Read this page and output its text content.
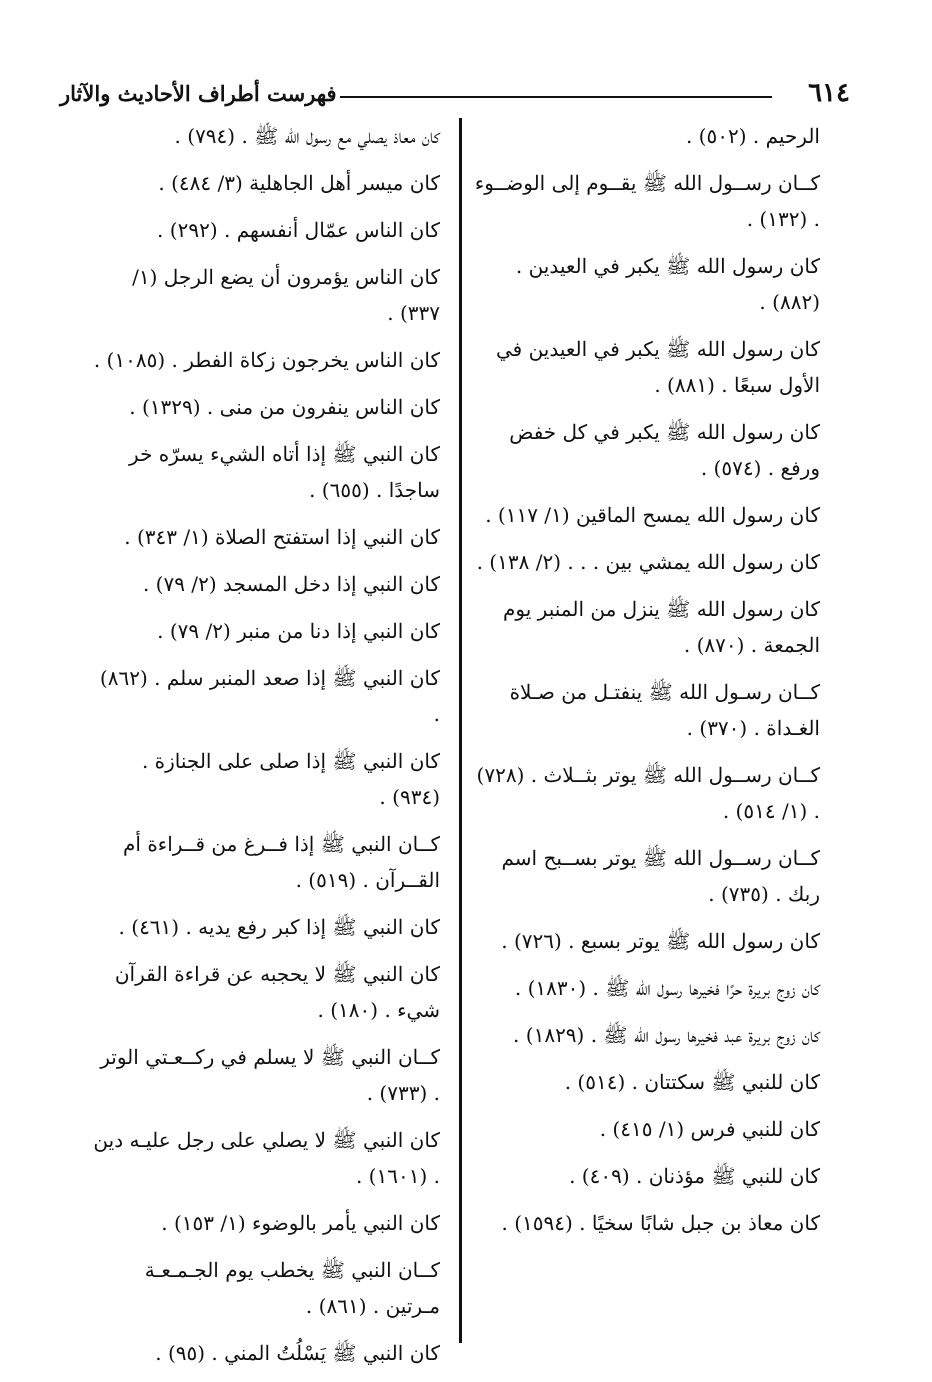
٦١٤
فهرست أطراف الأحاديث والآثار

الرحيم . (٥٠٢) .

كــان رســول الله ﷺ يقــوم إلى الوضــوء . (١٣٢) .

كان رسول الله ﷺ يكبر في العيدين . (٨٨٢) .

كان رسول الله ﷺ يكبر في العيدين في الأول سبعًا . (٨٨١) .

كان رسول الله ﷺ يكبر في كل خفض ورفع . (٥٧٤) .

كان رسول الله يمسح الماقين (١/ ١١٧) .

كان رسول الله يمشي بين . . . (٢/ ١٣٨) .

كان رسول الله ﷺ ينزل من المنبر يوم الجمعة . (٨٧٠) .

كــان رسـول الله ﷺ ينفتـل من صـلاة الغـداة . (٣٧٠) .

كــان رســول الله ﷺ يوتر بثــلاث . (٧٢٨) . (١/ ٥١٤) .

كــان رســول الله ﷺ يوتر بســبح اسم ربك . (٧٣٥) .

كان رسول الله ﷺ يوتر بسبع . (٧٢٦) .

كان زوج بريرة حرًا فخيرها رسول الله ﷺ . (١٨٣٠) .

كان زوج بريرة عبد فخيرها رسول الله ﷺ . (١٨٢٩) .

كان للنبي ﷺ سكتتان . (٥١٤) .

كان للنبي فرس (١/ ٤١٥) .

كان للنبي ﷺ مؤذنان . (٤٠٩) .

كان معاذ بن جبل شابًا سخيًا . (١٥٩٤) .

كان معاذ يصلي مع رسول الله ﷺ . (٧٩٤) .

كان ميسر أهل الجاهلية (٣/ ٤٨٤) .

كان الناس عمّال أنفسهم . (٢٩٢) .

كان الناس يؤمرون أن يضع الرجل (١/ ٣٣٧) .

كان الناس يخرجون زكاة الفطر . (١٠٨٥) .

كان الناس ينفرون من منى . (١٣٢٩) .

كان النبي ﷺ إذا أتاه الشيء يسرّه خر ساجدًا . (٦٥٥) .

كان النبي إذا استفتح الصلاة (١/ ٣٤٣) .

كان النبي إذا دخل المسجد (٢/ ٧٩) .

كان النبي إذا دنا من منبر (٢/ ٧٩) .

كان النبي ﷺ إذا صعد المنبر سلم . (٨٦٢) .

كان النبي ﷺ إذا صلى على الجنازة . (٩٣٤) .

كــان النبي ﷺ إذا فــرغ من قــراءة أم القــرآن . (٥١٩) .

كان النبي ﷺ إذا كبر رفع يديه . (٤٦١) .

كان النبي ﷺ لا يحجبه عن قراءة القرآن شيء . (١٨٠) .

كــان النبي ﷺ لا يسلم في ركــعـتي الوتر . (٧٣٣) .

كان النبي ﷺ لا يصلي على رجل عليـه دين . (١٦٠١) .

كان النبي يأمر بالوضوء (١/ ١٥٣) .

كــان النبي ﷺ يخطب يوم الجـمـعـة مـرتين . (٨٦١) .

كان النبي ﷺ يَسْلُتُ المني . (٩٥) .
